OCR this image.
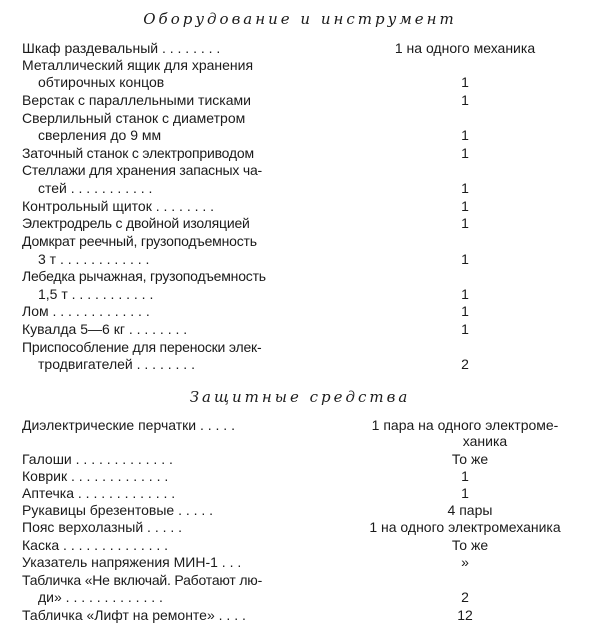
Оборудование и инструмент
Шкаф раздевальный . . . . . . . .	1 на одного механика
Металлический ящик для хранения
обтирочных концов	1
Верстак с параллельными тисками	1
Сверлильный станок с диаметром
сверления до 9 мм	1
Заточный станок с электроприводом	1
Стеллажи для хранения запасных ча-
стей . . . . . . . . . . .	1
Контрольный щиток . . . . . . . .	1
Электродрель с двойной изоляцией	1
Домкрат реечный, грузоподъемность
3 т . . . . . . . . . . . .	1
Лебедка рычажная, грузоподъемность
1,5 т . . . . . . . . . . .	1
Лом . . . . . . . . . . . . .	1
Кувалда 5—6 кг . . . . . . . .	1
Приспособление для переноски элек-
тродвигателей . . . . . . . .	2
Защитные средства
Диэлектрические перчатки . . . . .	1 пара на одного электроме-
ханика
Галоши . . . . . . . . . . . . .	То же
Коврик . . . . . . . . . . . . .	1
Аптечка . . . . . . . . . . . . .	1
Рукавицы брезентовые . . . . .	4 пары
Пояс верхолазный . . . . .	1 на одного электромеханика
Каска . . . . . . . . . . . . . .	То же
Указатель напряжения МИН-1 . . .	»
Табличка «Не включай. Работают лю-
ди» . . . . . . . . . . . . .	2
Табличка «Лифт на ремонте» . . . .	12
